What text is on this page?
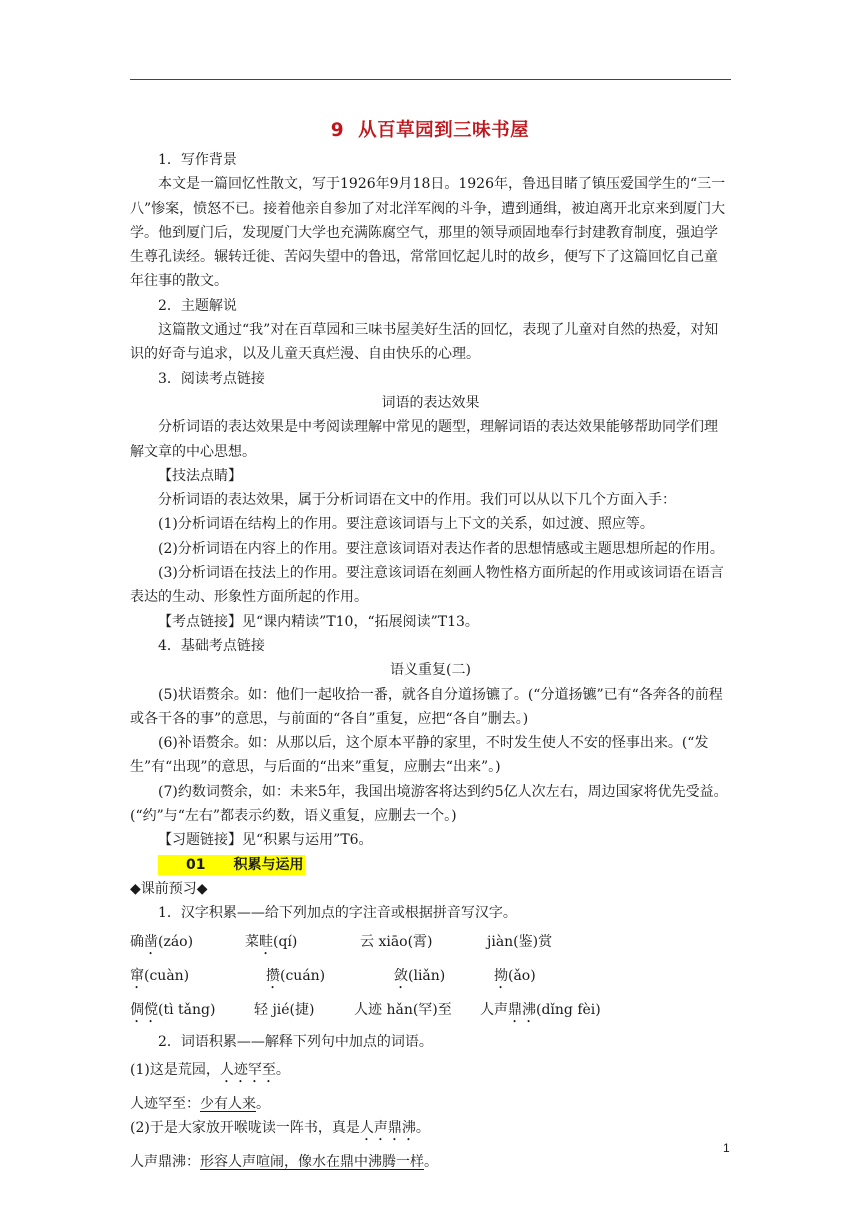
9 从百草园到三味书屋

1．写作背景

本文是一篇回忆性散文，写于1926年9月18日。1926年，鲁迅目睹了镇压爱国学生的“三一八”惨案，愤怒不已。接着他亲自参加了对北洋军阀的斗争，遭到通缉，被迫离开北京来到厦门大学。他到厦门后，发现厦门大学也充满陈腐空气，那里的领导顽固地奉行封建教育制度，强迫学生尊孔读经。辗转迁徙、苦闷失望中的鲁迅，常常回忆起儿时的故乡，便写下了这篇回忆自己童年往事的散文。

2．主题解说

这篇散文通过“我”对在百草园和三味书屋美好生活的回忆，表现了儿童对自然的热爱，对知识的好奇与追求，以及儿童天真烂漫、自由快乐的心理。

3．阅读考点链接

词语的表达效果

分析词语的表达效果是中考阅读理解中常见的题型，理解词语的表达效果能够帮助同学们理解文章的中心思想。

【技法点睛】

分析词语的表达效果，属于分析词语在文中的作用。我们可以从以下几个方面入手：

(1)分析词语在结构上的作用。要注意该词语与上下文的关系，如过渡、照应等。

(2)分析词语在内容上的作用。要注意该词语对表达作者的思想情感或主题思想所起的作用。

(3)分析词语在技法上的作用。要注意该词语在刻画人物性格方面所起的作用或该词语在语言表达的生动、形象性方面所起的作用。

【考点链接】见“课内精读”T10，“拓展阅读”T13。

4．基础考点链接

语义重复(二)

(5)状语赘余。如：他们一起收拾一番，就各自分道扬镳了。(“分道扬镳”已有“各奔各的前程或各干各的事”的意思，与前面的“各自”重复，应把“各自”删去。)

(6)补语赘余。如：从那以后，这个原本平静的家里，不时发生使人不安的怪事出来。(“发生”有“出现”的意思，与后面的“出来”重复，应删去“出来”。)

(7)约数词赘余，如：未来5年，我国出境游客将达到约5亿人次左右，周边国家将优先受益。(“约”与“左右”都表示约数，语义重复，应删去一个。)

【习题链接】见“积累与运用”T6。

01 积累与运用

◆课前预习◆

1．汉字积累——给下列加点的字注音或根据拼音写汉字。

确凿(záo)	菜畦(qí)	云 xiāo(霄)	jiàn(鉴)赏
窜(cuàn)	攒(cuán)	敛(liǎn)	拗(ǎo)
倜傥(tì tǎng)	轻 jié(捷)	人迹 hǎn(罕)至	人声鼎沸(dǐng fèi)

2．词语积累——解释下列句中加点的词语。

(1)这是荒园，人迹罕至。

人迹罕至：少有人来。

(2)于是大家放开喉咙读一阵书，真是人声鼎沸。

人声鼎沸：形容人声喧闹，像水在鼎中沸腾一样。

1
